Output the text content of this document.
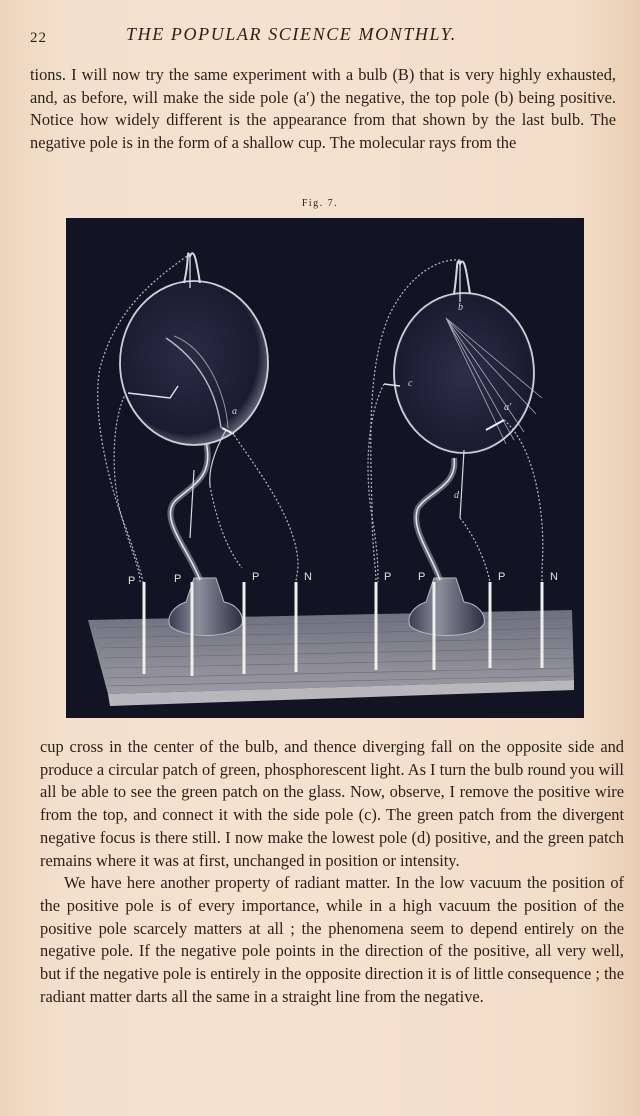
22	THE POPULAR SCIENCE MONTHLY.

tions. I will now try the same experiment with a bulb (B) that is very highly exhausted, and, as before, will make the side pole (a′) the negative, the top pole (b) being positive. Notice how widely different is the appearance from that shown by the last bulb. The negative pole is in the form of a shallow cup. The molecular rays from the

Fig. 7.
a
b
c
a′
d
P	P	P	N	P P	P	N

cup cross in the center of the bulb, and thence diverging fall on the opposite side and produce a circular patch of green, phosphorescent light. As I turn the bulb round you will all be able to see the green patch on the glass. Now, observe, I remove the positive wire from the top, and connect it with the side pole (c). The green patch from the divergent negative focus is there still. I now make the lowest pole (d) positive, and the green patch remains where it was at first, unchanged in position or intensity.

We have here another property of radiant matter. In the low vacuum the position of the positive pole is of every importance, while in a high vacuum the position of the positive pole scarcely matters at all ; the phenomena seem to depend entirely on the negative pole. If the negative pole points in the direction of the positive, all very well, but if the negative pole is entirely in the opposite direction it is of little consequence ; the radiant matter darts all the same in a straight line from the negative.
